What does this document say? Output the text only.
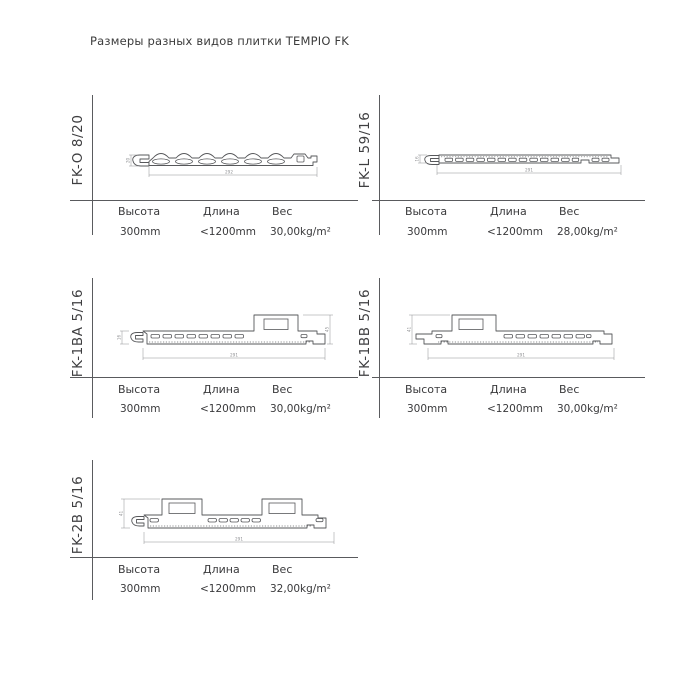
Размеры разных видов плитки TEMPIO FK
FK-O 8/20	292
20
Высота	Длина	Вес
300mm	<1200mm 30,00kg/m²
FK-L 59/16	291
16
Высота	Длина	Вес
300mm	<1200mm 28,00kg/m²
FK-1BA 5/16	291
16
45
Высота	Длина	Вес
300mm	<1200mm 30,00kg/m²
FK-1BB 5/16	291
41
Высота	Длина	Вес
300mm	<1200mm 30,00kg/m²
FK-2B 5/16	291
41
Высота	Длина	Вес
300mm	<1200mm 32,00kg/m²
